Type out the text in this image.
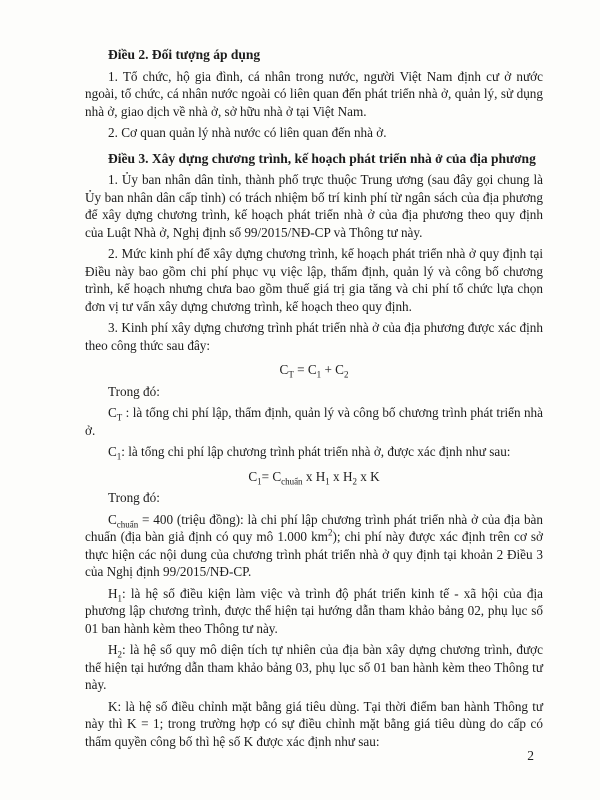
Điều 2. Đối tượng áp dụng

1. Tổ chức, hộ gia đình, cá nhân trong nước, người Việt Nam định cư ở nước ngoài, tổ chức, cá nhân nước ngoài có liên quan đến phát triển nhà ở, quản lý, sử dụng nhà ở, giao dịch về nhà ở, sở hữu nhà ở tại Việt Nam.

2. Cơ quan quản lý nhà nước có liên quan đến nhà ở.

Điều 3. Xây dựng chương trình, kế hoạch phát triển nhà ở của địa phương

1. Ủy ban nhân dân tỉnh, thành phố trực thuộc Trung ương (sau đây gọi chung là Ủy ban nhân dân cấp tỉnh) có trách nhiệm bố trí kinh phí từ ngân sách của địa phương để xây dựng chương trình, kế hoạch phát triển nhà ở của địa phương theo quy định của Luật Nhà ở, Nghị định số 99/2015/NĐ-CP và Thông tư này.

2. Mức kinh phí để xây dựng chương trình, kế hoạch phát triển nhà ở quy định tại Điều này bao gồm chi phí phục vụ việc lập, thẩm định, quản lý và công bố chương trình, kế hoạch nhưng chưa bao gồm thuế giá trị gia tăng và chi phí tổ chức lựa chọn đơn vị tư vấn xây dựng chương trình, kế hoạch theo quy định.

3. Kinh phí xây dựng chương trình phát triển nhà ở của địa phương được xác định theo công thức sau đây:

$C_T = C_1 + C_2$

Trong đó:

$C_T$ : là tổng chi phí lập, thẩm định, quản lý và công bố chương trình phát triển nhà ở.

$C_1$: là tổng chi phí lập chương trình phát triển nhà ở, được xác định như sau:

$C_1= C_{chuẩn}$ x $H_1$ x $H_2$ x K

Trong đó:

$C_{chuẩn} = 400$ (triệu đồng): là chi phí lập chương trình phát triển nhà ở của địa bàn chuẩn (địa bàn giả định có quy mô 1.000 $km^2$); chi phí này được xác định trên cơ sở thực hiện các nội dung của chương trình phát triển nhà ở quy định tại khoản 2 Điều 3 của Nghị định 99/2015/NĐ-CP.

$H_1$: là hệ số điều kiện làm việc và trình độ phát triển kinh tế - xã hội của địa phương lập chương trình, được thể hiện tại hướng dẫn tham khảo bảng 02, phụ lục số 01 ban hành kèm theo Thông tư này.

$H_2$: là hệ số quy mô diện tích tự nhiên của địa bàn xây dựng chương trình, được thể hiện tại hướng dẫn tham khảo bảng 03, phụ lục số 01 ban hành kèm theo Thông tư này.

K: là hệ số điều chỉnh mặt bằng giá tiêu dùng. Tại thời điểm ban hành Thông tư này thì K = 1; trong trường hợp có sự điều chỉnh mặt bằng giá tiêu dùng do cấp có thẩm quyền công bố thì hệ số K được xác định như sau:

2
